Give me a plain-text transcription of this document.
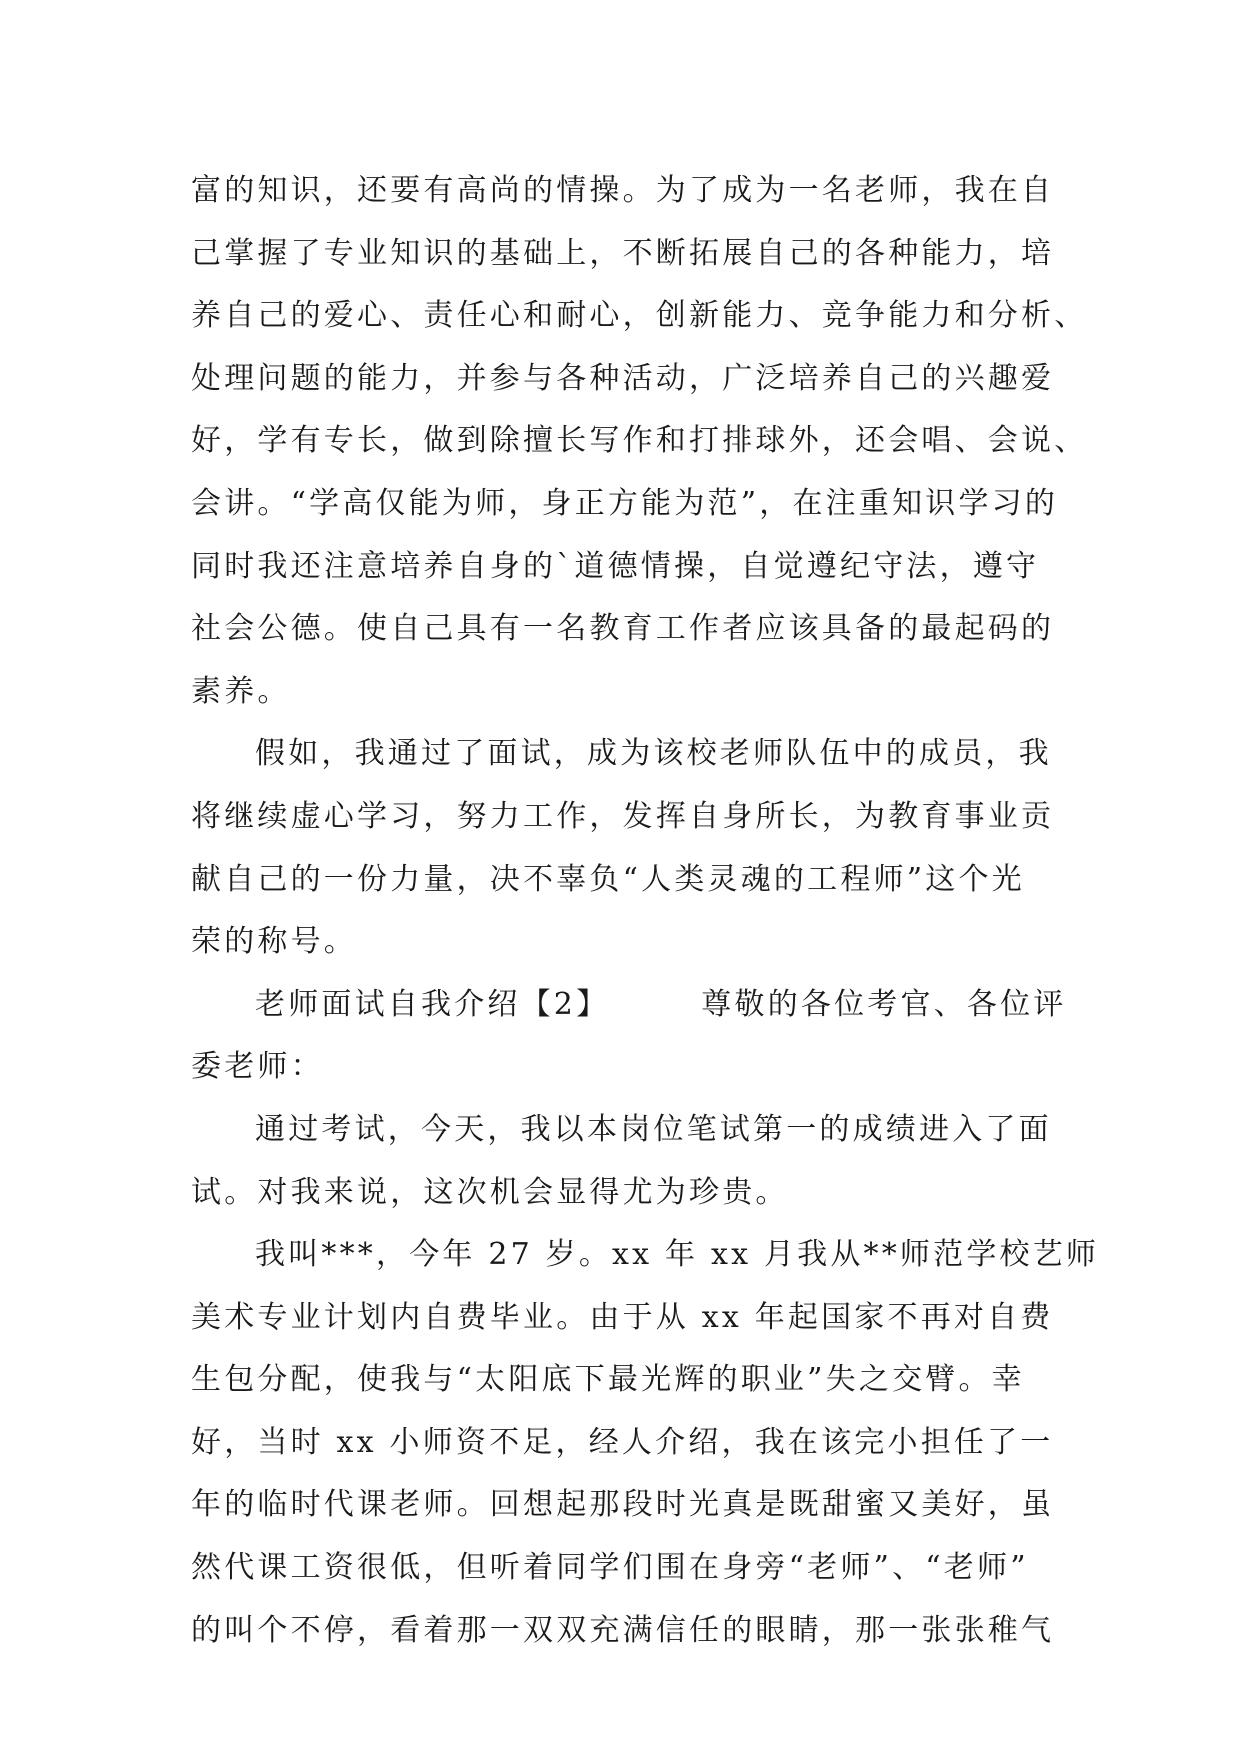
富的知识，还要有高尚的情操。为了成为一名老师，我在自
己掌握了专业知识的基础上，不断拓展自己的各种能力，培
养自己的爱心、责任心和耐心，创新能力、竞争能力和分析、
处理问题的能力，并参与各种活动，广泛培养自己的兴趣爱
好，学有专长，做到除擅长写作和打排球外，还会唱、会说、
会讲。“学高仅能为师，身正方能为范”，在注重知识学习的
同时我还注意培养自身的`道德情操，自觉遵纪守法，遵守
社会公德。使自己具有一名教育工作者应该具备的最起码的
素养。
假如，我通过了面试，成为该校老师队伍中的成员，我
将继续虚心学习，努力工作，发挥自身所长，为教育事业贡
献自己的一份力量，决不辜负“人类灵魂的工程师”这个光
荣的称号。
老师面试自我介绍【2】	尊敬的各位考官、各位评
委老师：
通过考试，今天，我以本岗位笔试第一的成绩进入了面
试。对我来说，这次机会显得尤为珍贵。
我叫***，今年 27 岁。xx 年 xx 月我从**师范学校艺师
美术专业计划内自费毕业。由于从 xx 年起国家不再对自费
生包分配，使我与“太阳底下最光辉的职业”失之交臂。幸
好，当时 xx 小师资不足，经人介绍，我在该完小担任了一
年的临时代课老师。回想起那段时光真是既甜蜜又美好，虽
然代课工资很低，但听着同学们围在身旁“老师”、“老师”
的叫个不停，看着那一双双充满信任的眼睛，那一张张稚气
